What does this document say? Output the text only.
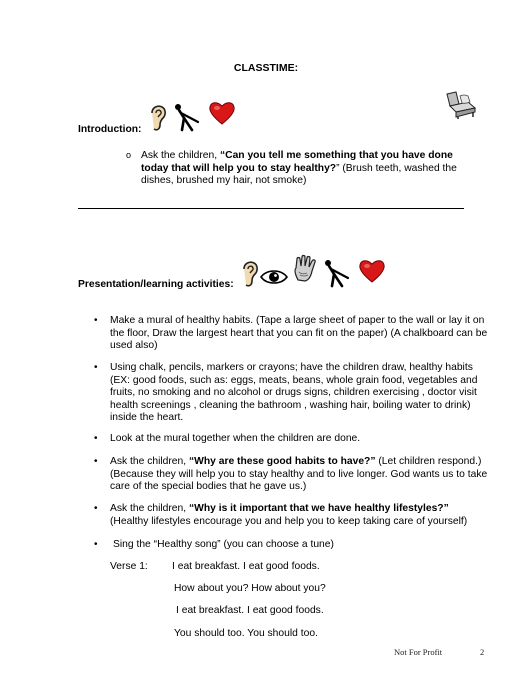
CLASSTIME:
Introduction:
o Ask the children, “Can you tell me something that you have done today that will help you to stay healthy?” (Brush teeth, washed the dishes, brushed my hair, not smoke)
Presentation/learning activities:
• Make a mural of healthy habits. (Tape a large sheet of paper to the wall or lay it on the floor, Draw the largest heart that you can fit on the paper) (A chalkboard can be used also)
• Using chalk, pencils, markers or crayons; have the children draw, healthy habits (EX: good foods, such as: eggs, meats, beans, whole grain food, vegetables and fruits, no smoking and no alcohol or drugs signs, children exercising , doctor visit health screenings , cleaning the bathroom , washing hair, boiling water to drink) inside the heart.
• Look at the mural together when the children are done.
• Ask the children, “Why are these good habits to have?” (Let children respond.) (Because they will help you to stay healthy and to live longer. God wants us to take care of the special bodies that he gave us.)
• Ask the children, “Why is it important that we have healthy lifestyles?” (Healthy lifestyles encourage you and help you to keep taking care of yourself)
• Sing the “Healthy song” (you can choose a tune)
Verse 1: I eat breakfast. I eat good foods.
How about you? How about you?
I eat breakfast. I eat good foods.
You should too. You should too.
Not For Profit	2
